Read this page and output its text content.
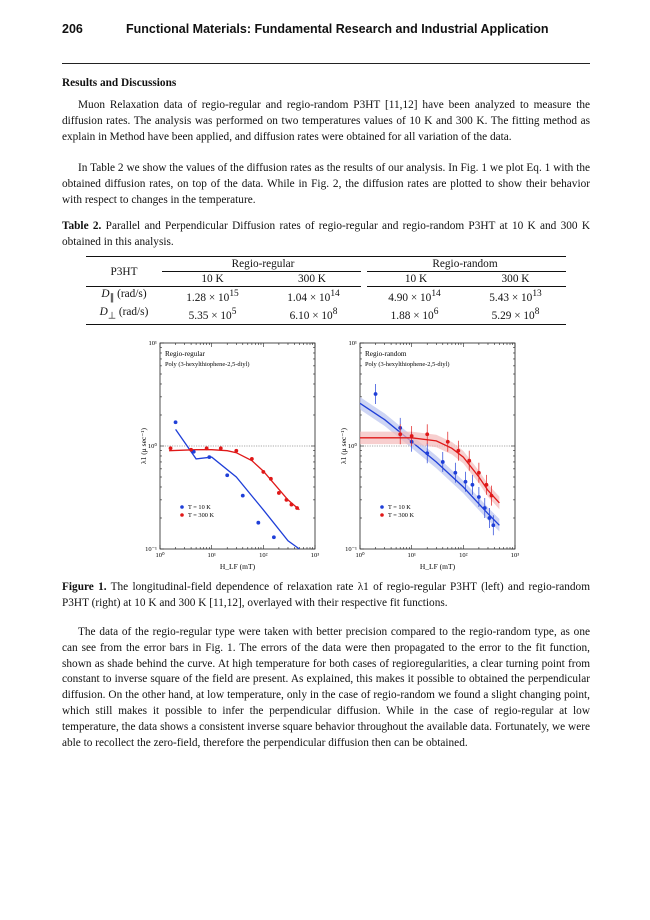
206	Functional Materials: Fundamental Research and Industrial Application
Results and Discussions
Muon Relaxation data of regio-regular and regio-random P3HT [11,12] have been analyzed to measure the diffusion rates. The analysis was performed on two temperatures values of 10 K and 300 K. The fitting method as explain in Method have been applied, and diffusion rates were obtained for all variation of the data.
In Table 2 we show the values of the diffusion rates as the results of our analysis. In Fig. 1 we plot Eq. 1 with the obtained diffusion rates, on top of the data. While in Fig. 2, the diffusion rates are plotted to show their behavior with respect to changes in the temperature.
Table 2. Parallel and Perpendicular Diffusion rates of regio-regular and regio-random P3HT at 10 K and 300 K obtained in this analysis.
P3HT	Regio-regular		Regio-random	
	10 K	300 K	10 K	300 K
$D_\parallel$ (rad/s)	$1.28 \times 10^{15}$	$1.04 \times 10^{14}$	$4.90 \times 10^{14}$	$5.43 \times 10^{13}$
$D_\perp$ (rad/s)	$5.35 \times 10^5$	$6.10 \times 10^8$	$1.88 \times 10^6$	$5.29 \times 10^8$
10⁰	10¹	10²	10³
10⁻¹
10⁰
10¹
H_LF (mT)
λ1 (μ sec⁻¹)
Regio-regular
Poly (3-hexylthiophene-2,5-diyl)
T = 10 K
T = 300 K
10⁰	10¹	10²	10³
10⁻¹
10⁰
10¹
H_LF (mT)
λ1 (μ sec⁻¹)
Regio-random
Poly (3-hexylthiophene-2,5-diyl)
T = 10 K
T = 300 K
Figure 1. The longitudinal-field dependence of relaxation rate λ1 of regio-regular P3HT (left) and regio-random P3HT (right) at 10 K and 300 K [11,12], overlayed with their respective fit functions.
The data of the regio-regular type were taken with better precision compared to the regio-random type, as one can see from the error bars in Fig. 1. The errors of the data were then propagated to the error to the fit function, shown as shade behind the curve. At high temperature for both cases of regioregularities, a clear turning point from constant to inverse square of the field are present. As explained, this makes it possible to obtained the perpendicular diffusion. On the other hand, at low temperature, only in the case of regio-random we found a slight changing point, which still makes it possible to infer the perpendicular diffusion. While in the case of regio-regular at low temperature, the data shows a consistent inverse square behavior throughout the available data. Fortunately, we were able to recollect the zero-field, therefore the perpendicular diffusion then can be obtained.
